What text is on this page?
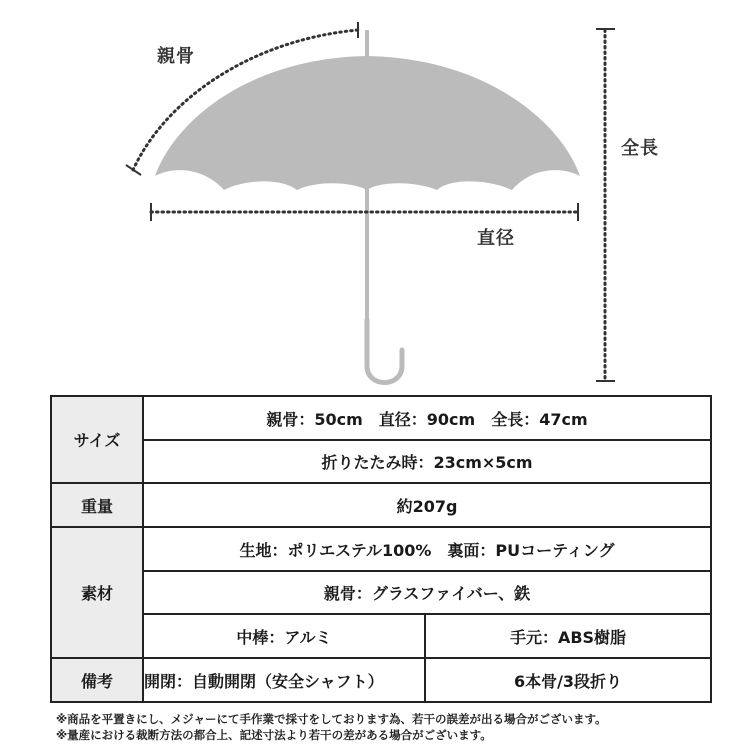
親骨
直径
全長
サイズ	親骨：50cm　直径：90cm　全長：47cm	
	折りたたみ時：23cm×5cm	
重量	約207g	
素材	生地：ポリエステル100%　裏面：PUコーティング	
	親骨：グラスファイバー、鉄	
	中棒：アルミ	手元：ABS樹脂
備考	開閉：自動開閉（安全シャフト）	6本骨/3段折り
※商品を平置きにし、メジャーにて手作業で採寸をしております為、若干の誤差が出る場合がございます。
※量産における裁断方法の都合上、記述寸法より若干の差がある場合がございます。
